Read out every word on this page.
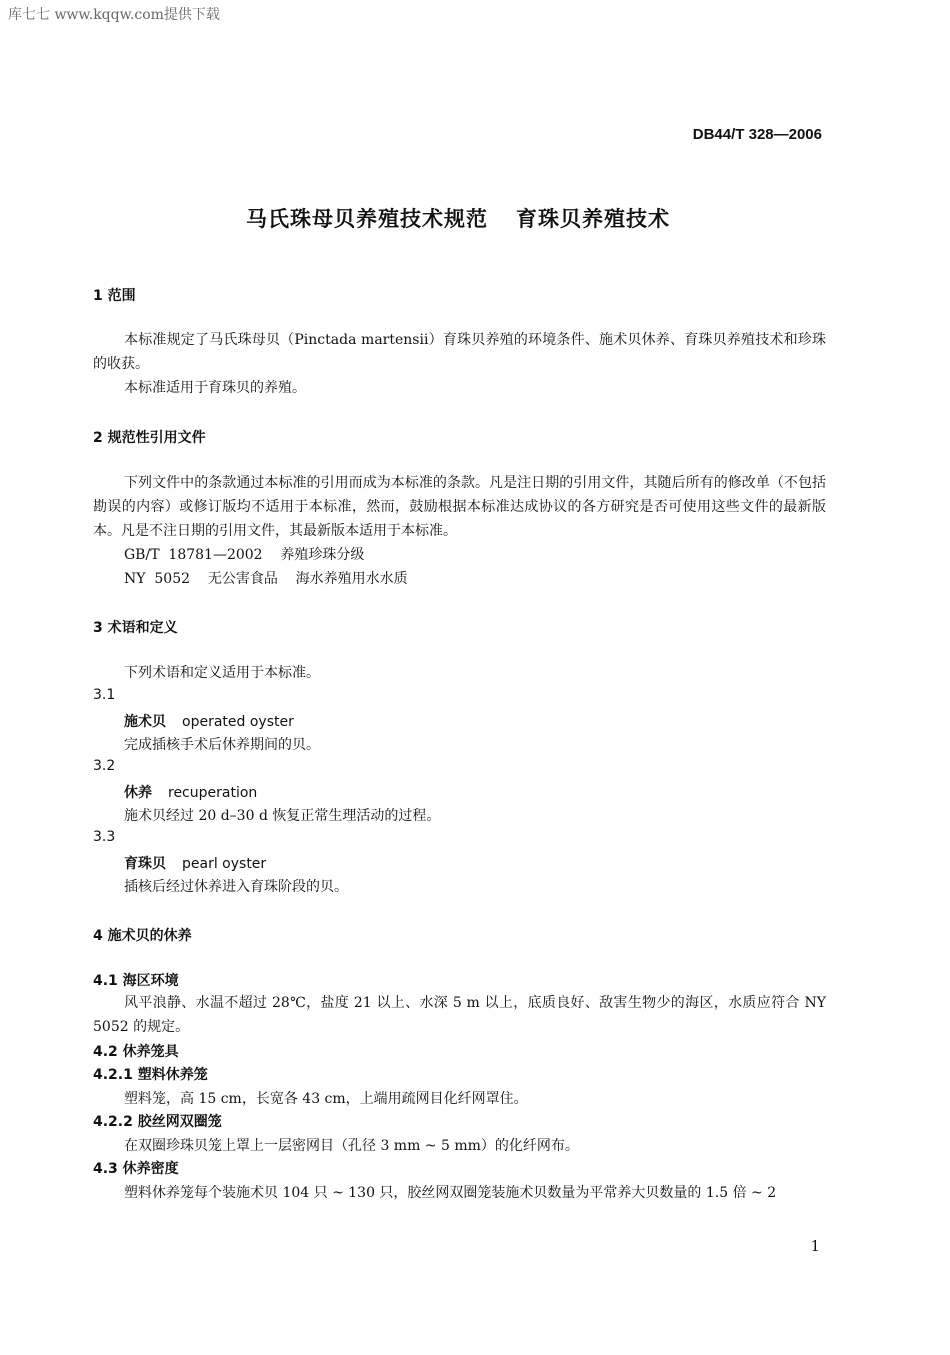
库七七 www.kqqw.com提供下载
DB44/T 328—2006
马氏珠母贝养殖技术规范 育珠贝养殖技术
1 范围
本标准规定了马氏珠母贝（Pinctada martensii）育珠贝养殖的环境条件、施术贝休养、育珠贝养殖技术和珍珠的收获。
本标准适用于育珠贝的养殖。
2 规范性引用文件
下列文件中的条款通过本标准的引用而成为本标准的条款。凡是注日期的引用文件，其随后所有的修改单（不包括勘误的内容）或修订版均不适用于本标准，然而，鼓励根据本标准达成协议的各方研究是否可使用这些文件的最新版本。凡是不注日期的引用文件，其最新版本适用于本标准。
GB/T  18781—2002    养殖珍珠分级
NY  5052    无公害食品    海水养殖用水水质
3 术语和定义
下列术语和定义适用于本标准。
3.1
施术贝 operated oyster
完成插核手术后休养期间的贝。
3.2
休养 recuperation
施术贝经过 20 d–30 d 恢复正常生理活动的过程。
3.3
育珠贝 pearl oyster
插核后经过休养进入育珠阶段的贝。
4 施术贝的休养
4.1 海区环境
风平浪静、水温不超过 28℃，盐度 21 以上、水深 5 m 以上，底质良好、敌害生物少的海区，水质应符合 NY 5052 的规定。
4.2 休养笼具
4.2.1 塑料休养笼
塑料笼，高 15 cm，长宽各 43 cm，上端用疏网目化纤网罩住。
4.2.2 胶丝网双圈笼
在双圈珍珠贝笼上罩上一层密网目（孔径 3 mm ~ 5 mm）的化纤网布。
4.3 休养密度
塑料休养笼每个装施术贝 104 只 ~ 130 只，胶丝网双圈笼装施术贝数量为平常养大贝数量的 1.5 倍 ~ 2
1
